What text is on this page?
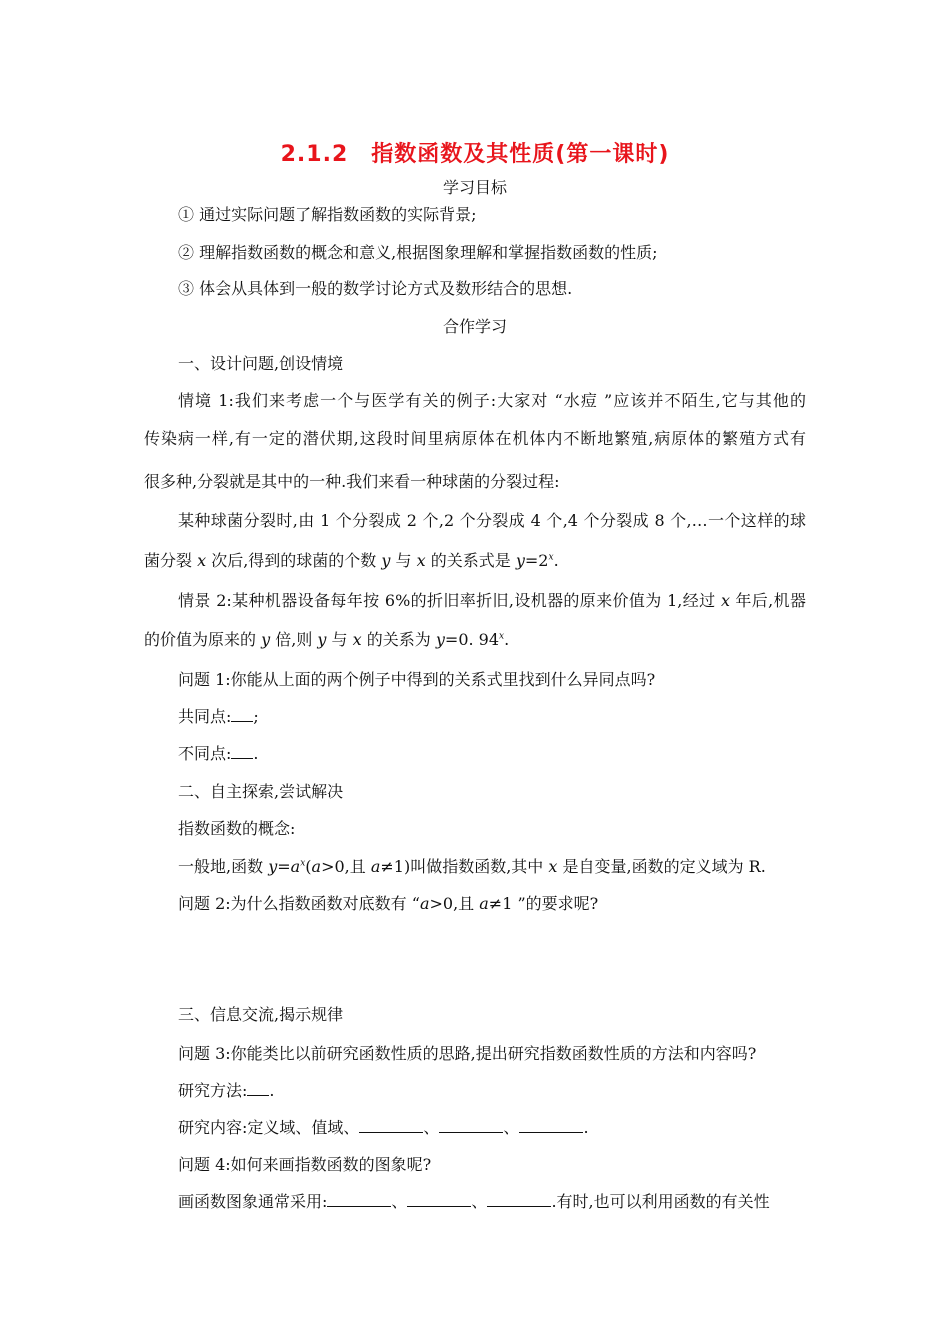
2.1.2　指数函数及其性质(第一课时)
学习目标
① 通过实际问题了解指数函数的实际背景;
② 理解指数函数的概念和意义,根据图象理解和掌握指数函数的性质;
③ 体会从具体到一般的数学讨论方式及数形结合的思想.
合作学习
一、设计问题,创设情境
情境 1:我们来考虑一个与医学有关的例子:大家对 “水痘 ”应该并不陌生,它与其他的
传染病一样,有一定的潜伏期,这段时间里病原体在机体内不断地繁殖,病原体的繁殖方式有
很多种,分裂就是其中的一种.我们来看一种球菌的分裂过程:
某种球菌分裂时,由 1 个分裂成 2 个,2 个分裂成 4 个,4 个分裂成 8 个,…一个这样的球
菌分裂 x 次后,得到的球菌的个数 y 与 x 的关系式是 $y=2^x$.
情景 2:某种机器设备每年按 6%的折旧率折旧,设机器的原来价值为 1,经过 x 年后,机器
的价值为原来的 y 倍,则 y 与 x 的关系为 y=0. 94$^x$.
问题 1:你能从上面的两个例子中得到的关系式里找到什么异同点吗?
共同点: ;
不同点: .
二、自主探索,尝试解决
指数函数的概念:
一般地,函数 $y=a^x(a>0$,且 a≠1)叫做指数函数,其中 x 是自变量,函数的定义域为 R.
问题 2:为什么指数函数对底数有 “a>0,且 a≠1 ”的要求呢?
三、信息交流,揭示规律
问题 3:你能类比以前研究函数性质的思路,提出研究指数函数性质的方法和内容吗?
研究方法: .
研究内容:定义域、值域、	、	、	.
问题 4:如何来画指数函数的图象呢?
画函数图象通常采用:	、	、	.有时,也可以利用函数的有关性
